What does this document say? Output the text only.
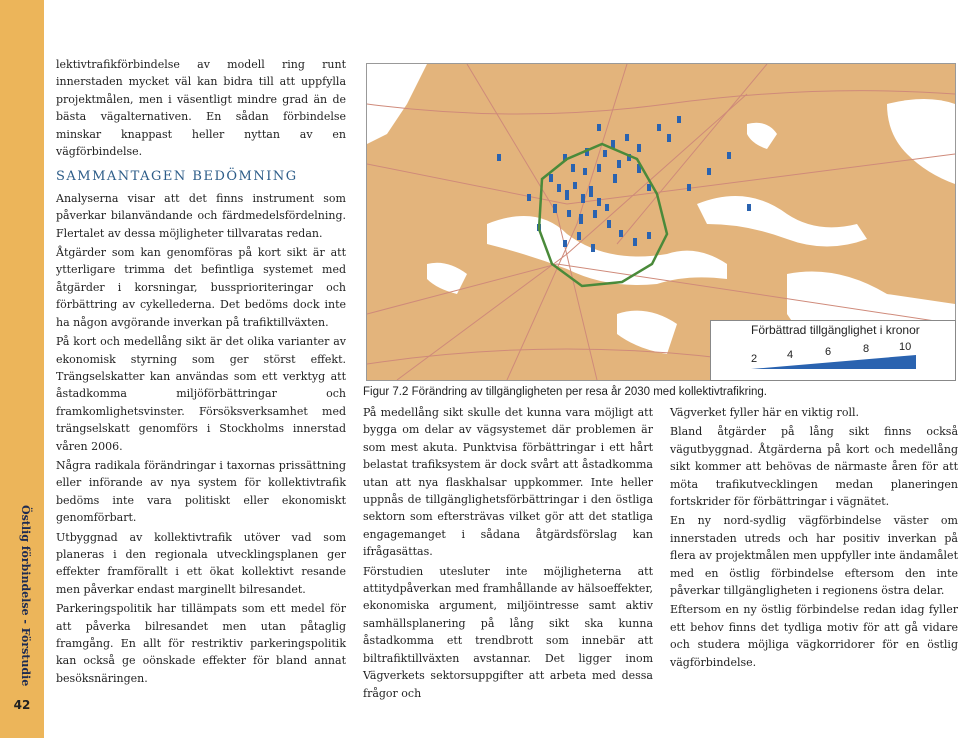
Östlig förbindelse - Förstudie
42

lektivtrafikförbindelse av modell ring runt innerstaden mycket väl kan bidra till att uppfylla projektmålen, men i väsentligt mindre grad än de bästa vägalternativen. En sådan förbindelse minskar knappast heller nyttan av en vägförbindelse.

SAMMANTAGEN BEDÖMNING

Analyserna visar att det finns instrument som påverkar bilanvändande och färdmedelsfördelning. Flertalet av dessa möjligheter tillvaratas redan.

Åtgärder som kan genomföras på kort sikt är att ytterligare trimma det befintliga systemet med åtgärder i korsningar, bussprioriteringar och förbättring av cykellederna. Det bedöms dock inte ha någon avgörande inverkan på trafiktillväxten.

På kort och medellång sikt är det olika varianter av ekonomisk styrning som ger störst effekt. Trängselskatter kan användas som ett verktyg att åstadkomma miljöförbättringar och framkomlighetsvinster. Försöksverksamhet med trängselskatt genomförs i Stockholms innerstad våren 2006.

Några radikala förändringar i taxornas prissättning eller införande av nya system för kollektivtrafik bedöms inte vara politiskt eller ekonomiskt genomförbart.

Utbyggnad av kollektivtrafik utöver vad som planeras i den regionala utvecklingsplanen ger effekter framförallt i ett ökat kollektivt resande men påverkar endast marginellt bilresandet.

Parkeringspolitik har tillämpats som ett medel för att påverka bilresandet men utan påtaglig framgång. En allt för restriktiv parkeringspolitik kan också ge oönskade effekter för bland annat besöksnäringen.

Förbättrad tillgänglighet i kronor
2	4	6	8	10
Figur 7.2 Förändring av tillgängligheten per resa år 2030 med kollektivtrafikring.

På medellång sikt skulle det kunna vara möjligt att bygga om delar av vägsystemet där problemen är som mest akuta. Punktvisa förbättringar i ett hårt belastat trafiksystem är dock svårt att åstadkomma utan att nya flaskhalsar uppkommer. Inte heller uppnås de tillgänglighetsförbättringar i den östliga sektorn som eftersträvas vilket gör att det statliga engagemanget i sådana åtgärdsförslag kan ifrågasättas.

Förstudien utesluter inte möjligheterna att attitydpåverkan med framhållande av hälsoeffekter, ekonomiska argument, miljöintresse samt aktiv samhällsplanering på lång sikt ska kunna åstadkomma ett trendbrott som innebär att biltrafiktillväxten avstannar. Det ligger inom Vägverkets sektorsuppgifter att arbeta med dessa frågor och

Vägverket fyller här en viktig roll.

Bland åtgärder på lång sikt finns också vägutbyggnad. Åtgärderna på kort och medellång sikt kommer att behövas de närmaste åren för att möta trafikutvecklingen medan planeringen fortskrider för förbättringar i vägnätet.

En ny nord-sydlig vägförbindelse väster om innerstaden utreds och har positiv inverkan på flera av projektmålen men uppfyller inte ändamålet med en östlig förbindelse eftersom den inte påverkar tillgängligheten i regionens östra delar.

Eftersom en ny östlig förbindelse redan idag fyller ett behov finns det tydliga motiv för att gå vidare och studera möjliga vägkorridorer för en östlig vägförbindelse.
